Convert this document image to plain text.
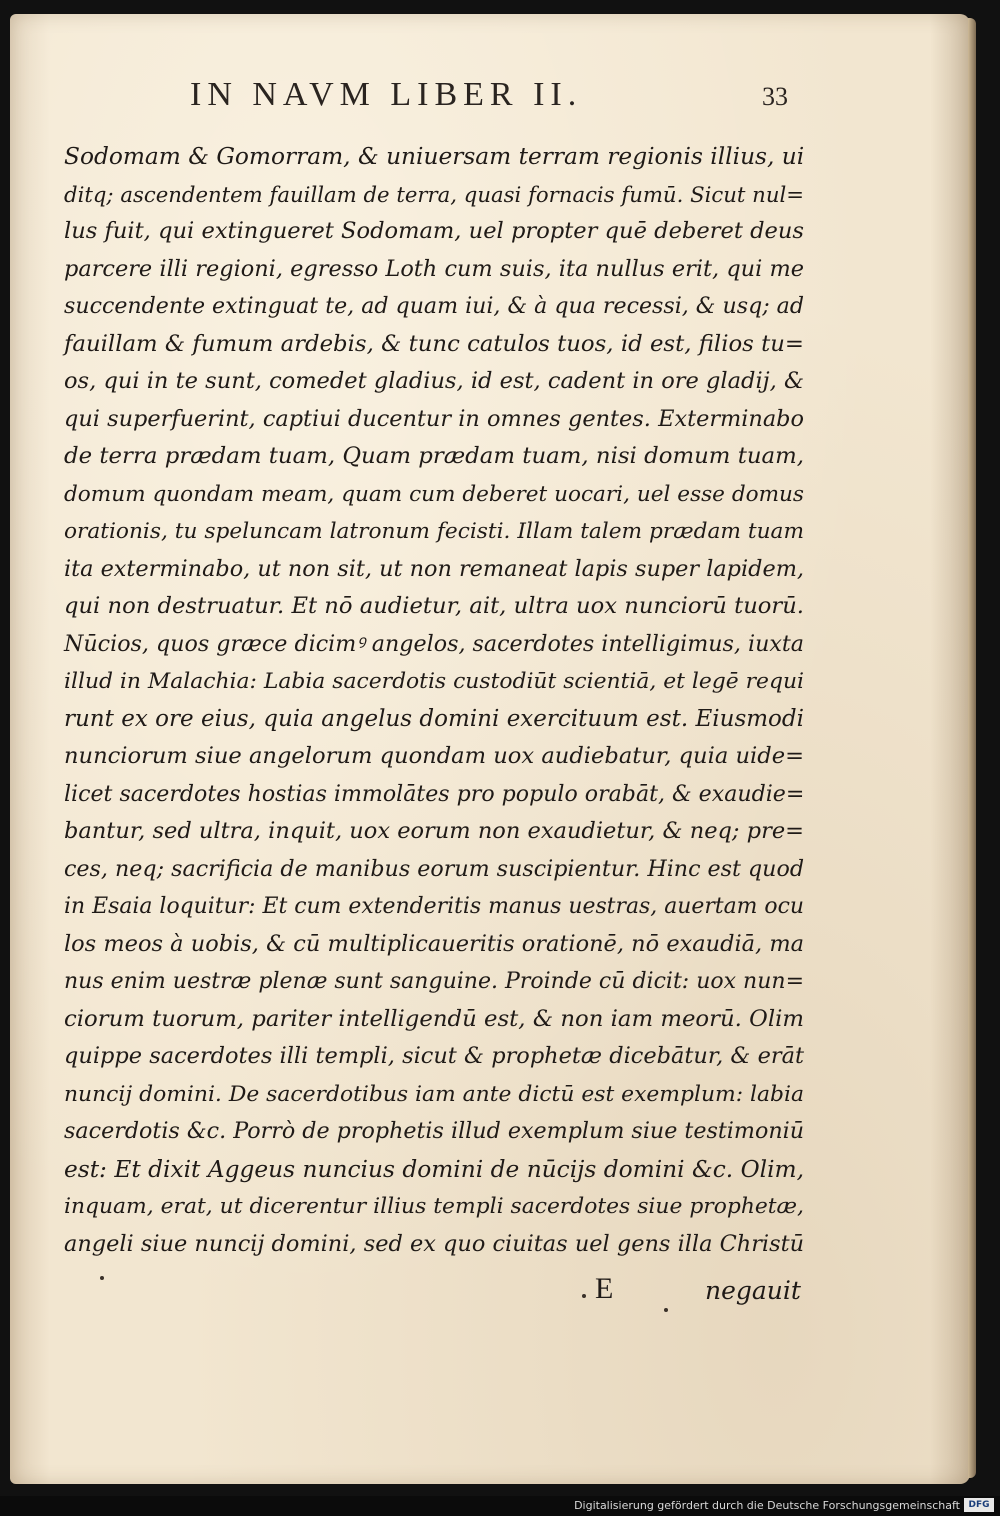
IN NAVM LIBER II.	33
Sodomam & Gomorram, & uniuersam terram regionis illius, ui
ditq; ascendentem fauillam de terra, quasi fornacis fumū. Sicut nul=
lus fuit, qui extingueret Sodomam, uel propter quē deberet deus
parcere illi regioni, egresso Loth cum suis, ita nullus erit, qui me
succendente extinguat te, ad quam iui, & à qua recessi, & usq; ad
fauillam & fumum ardebis, & tunc catulos tuos, id est, filios tu=
os, qui in te sunt, comedet gladius, id est, cadent in ore gladij, &
qui superfuerint, captiui ducentur in omnes gentes. Exterminabo
de terra prædam tuam, Quam prædam tuam, nisi domum tuam,
domum quondam meam, quam cum deberet uocari, uel esse domus
orationis, tu speluncam latronum fecisti. Illam talem prædam tuam
ita exterminabo, ut non sit, ut non remaneat lapis super lapidem,
qui non destruatur. Et nō audietur, ait, ultra uox nunciorū tuorū.
Nūcios, quos græce dicimꝰ angelos, sacerdotes intelligimus, iuxta
illud in Malachia: Labia sacerdotis custodiūt scientiā, et legē requi
runt ex ore eius, quia angelus domini exercituum est. Eiusmodi
nunciorum siue angelorum quondam uox audiebatur, quia uide=
licet sacerdotes hostias immolātes pro populo orabāt, & exaudie=
bantur, sed ultra, inquit, uox eorum non exaudietur, & neq; pre=
ces, neq; sacrificia de manibus eorum suscipientur. Hinc est quod
in Esaia loquitur: Et cum extenderitis manus uestras, auertam ocu
los meos à uobis, & cū multiplicaueritis orationē, nō exaudiā, ma
nus enim uestræ plenæ sunt sanguine. Proinde cū dicit: uox nun=
ciorum tuorum, pariter intelligendū est, & non iam meorū. Olim
quippe sacerdotes illi templi, sicut & prophetæ dicebātur, & erāt
nuncij domini. De sacerdotibus iam ante dictū est exemplum: labia
sacerdotis &c. Porrò de prophetis illud exemplum siue testimoniū
est: Et dixit Aggeus nuncius domini de nūcijs domini &c. Olim,
inquam, erat, ut dicerentur illius templi sacerdotes siue prophetæ,
angeli siue nuncij domini, sed ex quo ciuitas uel gens illa Christū
E	negauit
Digitalisierung gefördert durch die Deutsche Forschungsgemeinschaft DFG
